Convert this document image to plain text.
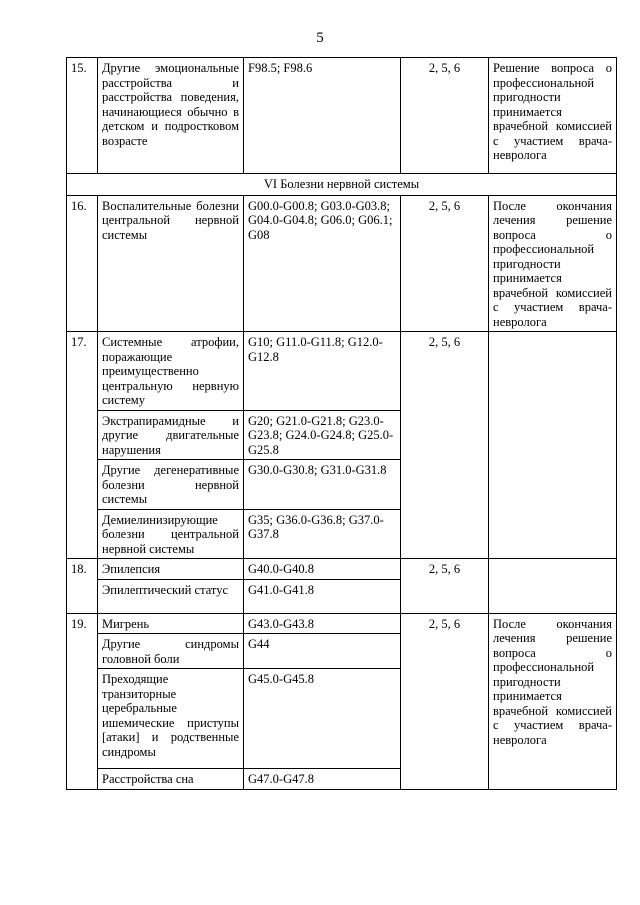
5
15.	Другие эмоциональные расстройства и расстройства поведения, начинающиеся обычно в детском и подростковом возрасте	F98.5; F98.6	2, 5, 6	Решение вопроса о профессиональной пригодности принимается врачебной комиссией с участием врача-невролога
VI Болезни нервной системы				
16.	Воспалительные болезни центральной нервной системы	G00.0-G00.8; G03.0-G03.8; G04.0-G04.8; G06.0; G06.1; G08	2, 5, 6	После окончания лечения решение вопроса о профессиональной пригодности принимается врачебной комиссией с участием врача-невролога
17.	Системные атрофии, поражающие преимущественно центральную нервную систему	G10; G11.0-G11.8; G12.0-G12.8	2, 5, 6	
	Экстрапирамидные и другие двигательные нарушения	G20; G21.0-G21.8; G23.0-G23.8; G24.0-G24.8; G25.0-G25.8		
	Другие дегенеративные болезни нервной системы	G30.0-G30.8; G31.0-G31.8		
	Демиелинизирующие болезни центральной нервной системы	G35; G36.0-G36.8; G37.0-G37.8		
18.	Эпилепсия	G40.0-G40.8	2, 5, 6	
	Эпилептический статус	G41.0-G41.8		
19.	Мигрень	G43.0-G43.8	2, 5, 6	После окончания лечения решение вопроса о профессиональной пригодности принимается врачебной комиссией с участием врача-невролога
	Другие синдромы головной боли	G44		
	Преходящие транзиторные церебральные ишемические приступы [атаки] и родственные синдромы	G45.0-G45.8		
	Расстройства сна	G47.0-G47.8		
